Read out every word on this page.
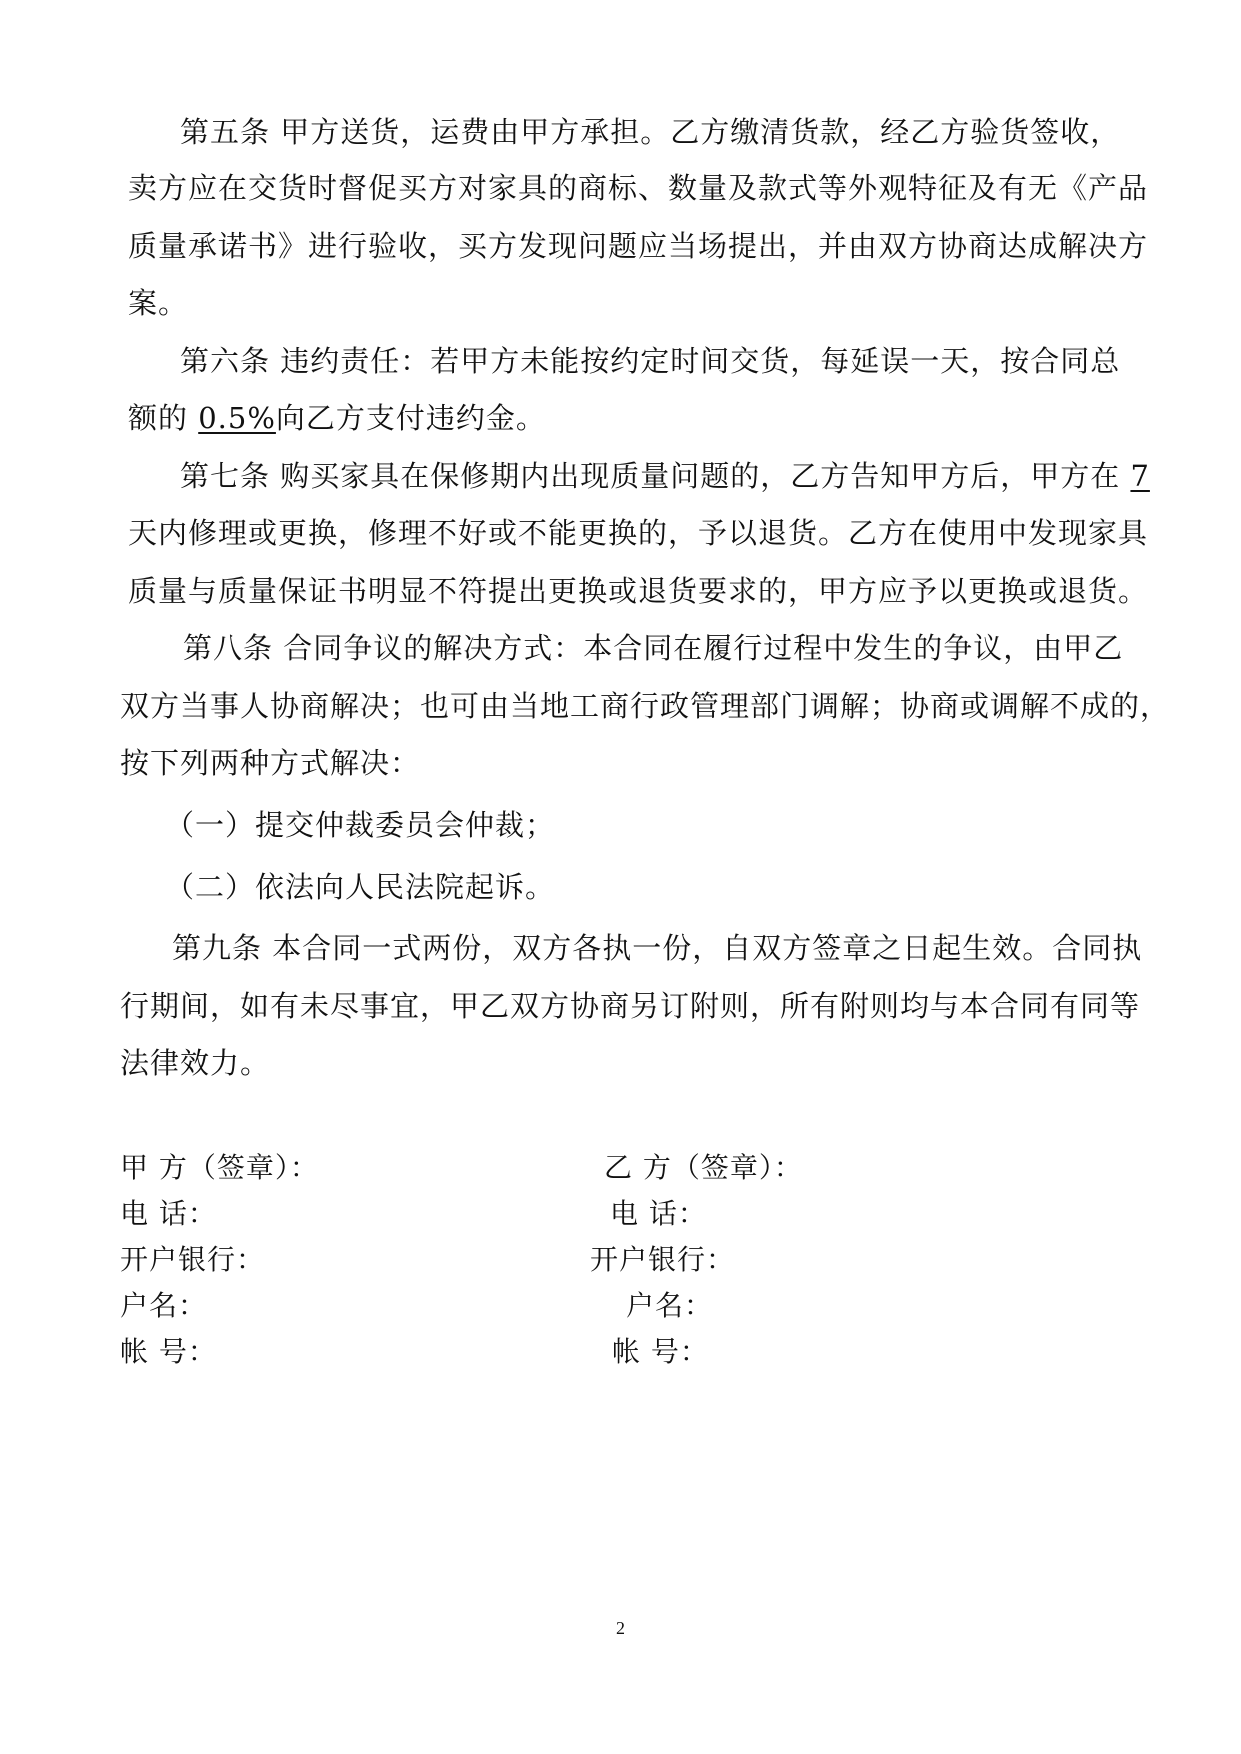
第五条 甲方送货，运费由甲方承担。乙方缴清货款，经乙方验货签收，
卖方应在交货时督促买方对家具的商标、数量及款式等外观特征及有无《产品
质量承诺书》进行验收，买方发现问题应当场提出，并由双方协商达成解决方
案。
第六条 违约责任：若甲方未能按约定时间交货，每延误一天，按合同总
额的 0.5%向乙方支付违约金。
第七条 购买家具在保修期内出现质量问题的，乙方告知甲方后，甲方在 7
天内修理或更换，修理不好或不能更换的，予以退货。乙方在使用中发现家具
质量与质量保证书明显不符提出更换或退货要求的，甲方应予以更换或退货。
第八条 合同争议的解决方式：本合同在履行过程中发生的争议，由甲乙
双方当事人协商解决；也可由当地工商行政管理部门调解；协商或调解不成的，
按下列两种方式解决：
（一）提交仲裁委员会仲裁；
（二）依法向人民法院起诉。
第九条 本合同一式两份，双方各执一份，自双方签章之日起生效。合同执
行期间，如有未尽事宜，甲乙双方协商另订附则，所有附则均与本合同有同等
法律效力。
甲 方（签章）：
电 话：
开户银行：
户名：
帐 号：
乙 方（签章）：
电 话：
开户银行：
户名：
帐 号：
2
